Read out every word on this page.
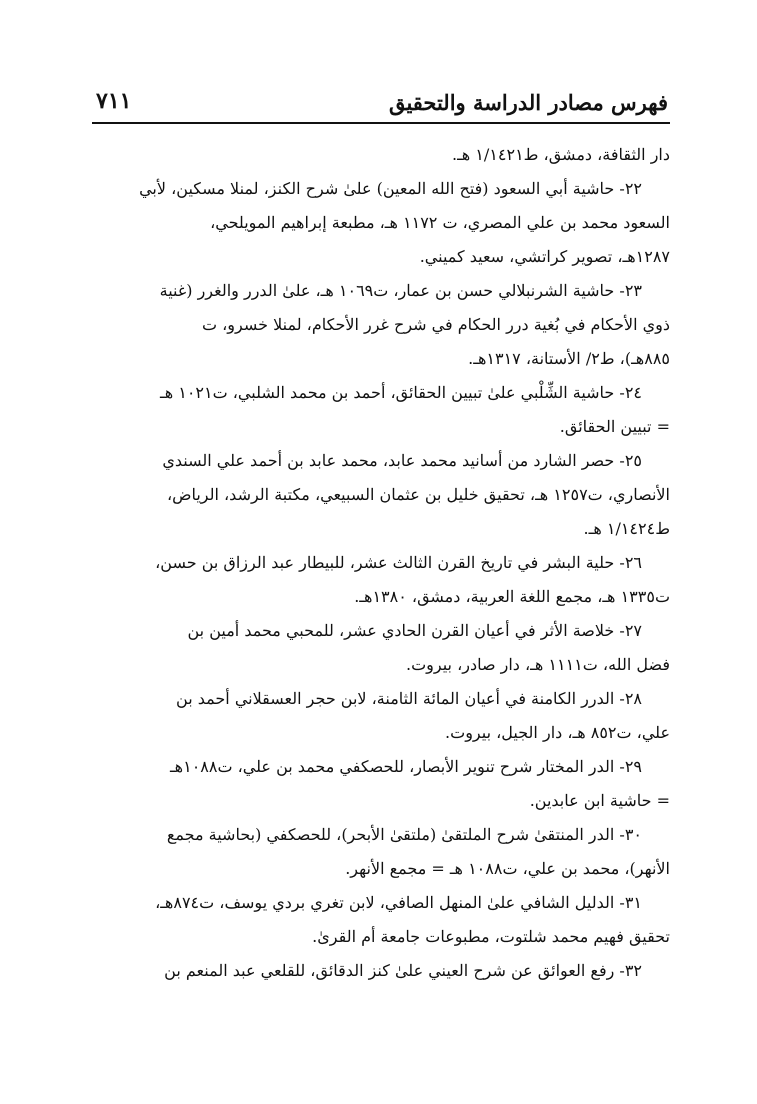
فهرس مصادر الدراسة والتحقيق
٧١١
دار الثقافة، دمشق، ط١/١٤٢١ هـ.
٢٢- حاشية أبي السعود (فتح الله المعين) علىٰ شرح الكنز، لمنلا مسكين، لأبي
السعود محمد بن علي المصري، ت ١١٧٢ هـ، مطبعة إبراهيم المويلحي،
١٢٨٧هـ، تصوير كراتشي، سعيد كميني.
٢٣- حاشية الشرنبلالي حسن بن عمار، ت١٠٦٩ هـ، علىٰ الدرر والغرر (غنية
ذوي الأحكام في بُغية درر الحكام في شرح غرر الأحكام، لمنلا خسرو، ت
٨٨٥هـ)، ط٢/ الأستانة، ١٣١٧هـ.
٢٤- حاشية الشِّلْبي علىٰ تبيين الحقائق، أحمد بن محمد الشلبي، ت١٠٢١ هـ
= تبيين الحقائق.
٢٥- حصر الشارد من أسانيد محمد عابد، محمد عابد بن أحمد علي السندي
الأنصاري، ت١٢٥٧ هـ، تحقيق خليل بن عثمان السبيعي، مكتبة الرشد، الرياض،
ط١/١٤٢٤ هـ.
٢٦- حلية البشر في تاريخ القرن الثالث عشر، للبيطار عبد الرزاق بن حسن،
ت١٣٣٥ هـ، مجمع اللغة العربية، دمشق، ١٣٨٠هـ.
٢٧- خلاصة الأثر في أعيان القرن الحادي عشر، للمحبي محمد أمين بن
فضل الله، ت١١١١ هـ، دار صادر، بيروت.
٢٨- الدرر الكامنة في أعيان المائة الثامنة، لابن حجر العسقلاني أحمد بن
علي، ت٨٥٢ هـ، دار الجيل، بيروت.
٢٩- الدر المختار شرح تنوير الأبصار، للحصكفي محمد بن علي، ت١٠٨٨هـ
= حاشية ابن عابدين.
٣٠- الدر المنتقىٰ شرح الملتقىٰ (ملتقىٰ الأبحر)، للحصكفي (بحاشية مجمع
الأنهر)، محمد بن علي، ت١٠٨٨ هـ = مجمع الأنهر.
٣١- الدليل الشافي علىٰ المنهل الصافي، لابن تغري بردي يوسف، ت٨٧٤هـ،
تحقيق فهيم محمد شلتوت، مطبوعات جامعة أم القرىٰ.
٣٢- رفع العوائق عن شرح العيني علىٰ كنز الدقائق، للقلعي عبد المنعم بن
